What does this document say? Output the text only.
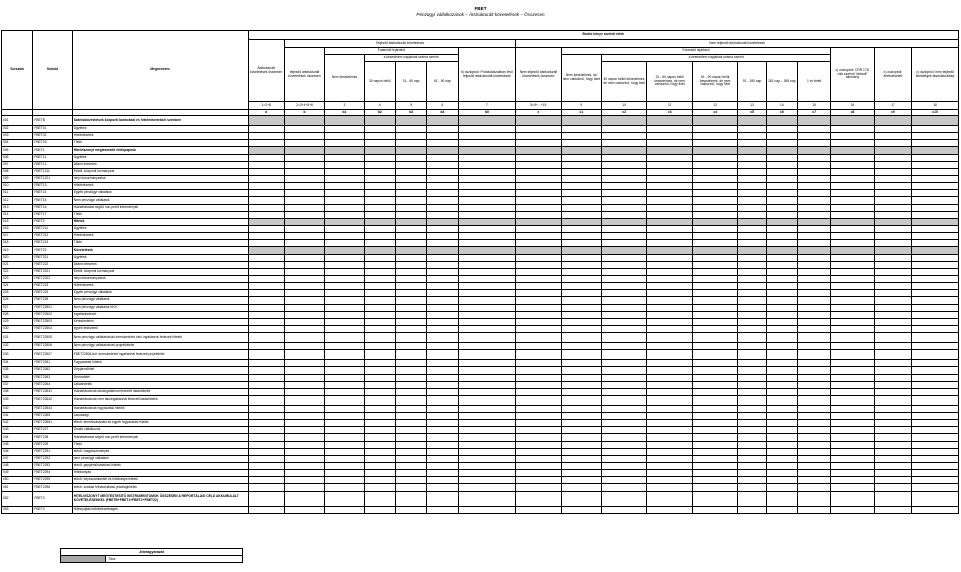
FBET
Pénzügyi vállalkozások – Átstrukturált követelések – Összesen
Sorszám	Sorkód	Megnevezés	Bruttó könyv szerinti érték																	
			Átstrukturált követelések összesen	Teljesítő átstrukturált követelések						Nem teljesítő átstrukturált követelések										
				teljesítő átstrukturált követelések összesen	Futamidő lejártáról				b) oszlopból: Próbaidőszakban lévő teljesítő átstrukturált követelések	Nem teljesítő átstrukturált követelések összesen	Futamidő lejártáról							c) oszlopból: CRR 178. cikk szerinti "default" állomány	c) oszlopból: értékvesztett	c) oszlopból: nem teljesítő kitettségek átstrukturálása
					Nem késedelmes	a késedelem napjainak száma szerint					Nem késedelmes, de nem valószínű, hogy fizet	a késedelem napjainak száma szerint								
						30 napon belül	31 - 60 nap	61 - 90 nap				30 napon belüli késedelmes, de nem valószínű, hogy fizet	31 - 60 napon belül késedelmes, de nem valószínű, hogy fizet	61 - 90 napon belül késedelmes, de nem valószínű, hogy fizet	91 - 180 nap	181 nap – 365 nap	1 év felett			
			1=2+8	2=3+4+5+6	3	4	5	6	7	8=9+...+15	9	10	11	12	13	14	15	16	17	18
			a	b	b1	b2	b3	b4	b5	c	c1	c2	c3	c4	c5	c6	c7	c8	c9	c10
001	FBETB	Számlakövetelések központi bankokkal és hitelintézetekkel szemben																		
002	FBET01	Ügyfelek																		
003	FBET02	Hitelintézetek																		
004	FBET03	Többi																		
005	FBET1	Hitelviszonyt megtestesítő értékpapírok																		
006	FBET11	Ügyfelek																		
007	FBET12	Állami intézetek																		
008	FBET1211	Ebből: központi kormányzat																		
009	FBET1221	helyi önkormányzatok																		
010	FBET13	Hitelintézetek																		
011	FBET14	Egyéb pénzügyi vállalatok																		
012	FBET15	Nem pénzügyi vállalatok																		
013	FBET16	Háztartásokat segítő non-profit intézmények																		
014	FBET17	Többi																		
015	FBET2	Hitelek																		
016	FBET211	Ügyfelek																		
017	FBET212	Hitelintézetek																		
018	FBET213	Többi																		
019	FBET22	Követelések																		
020	FBET221	Ügyfelek																		
021	FBET222	Állami intézetek																		
022	FBET2221	Ebből: központi kormányzat																		
023	FBET2222	helyi önkormányzatok																		
024	FBET223	Hitelintézetek																		
025	FBET224	Egyéb pénzügyi vállalatok																		
026	FBET225	Nem pénzügyi vállalatok																		
027	FBET22501	Nem pénzügyi vállalatok KKV																		
028	FBET22502	Ingatlanfedezet																		
029	FBET22503	Kereskedelmi																		
030	FBET22504	egyéb fedezetek																		
031	FBET22505	Nem pénzügyi vállalatoknak kereskedelmi célú ingatlannal fedezett hitelek																		
032	FBET22506	Nem pénzügyi vállalatoknak projekthitelei																		
033	FBET22507	FBET22506-ból: kereskedelmi ingatlannal fedezett projekthitel																		
034	FBET2261	Fogyasztási hitelek																		
035	FBET2262	Gépjárműhitel																		
036	FBET2263	Devizahitel																		
037	FBET2264	Lakáshitelek																		
038	FBET22641	Háztartásoknak lakóingatlannal fedezett lakáshitelek																		
039	FBET22642	Háztartásoknak nem lakóingatlannal fedezett lakáshitelek																		
040	FBET22643	Háztartásoknak fogyasztási hitelek																		
041	FBET2265	Lakossági																		
042	FBET22651	ebből: termékvásárlási és egyéb fogyasztási hitelek																		
043	FBET227	Önálló vállalkozók																		
044	FBET228	Háztartásokat segítő non-profit intézmények																		
045	FBET229	Többi																		
046	FBET2291	ebből: magánszemélyek																		
047	FBET2292	nem pénzügyi vállalatok																		
048	FBET2293	ebből: gépjárművásárlási hitelek																		
049	FBET2294	Hitelkártyák																		
050	FBET2295	ebből: folyószámlahitel és hitelkártya hitelek																		
051	FBET2296	ebből: szabad felhasználású jelzáloghitelek																		
052	FBET3	HITELVISZONYT MEGTESTESÍTŐ INSTRUMENTUMOK ÖSSZESEN A REPORTÁLÁSI CÉLÚ AKKUMULÁLT KÖVETELÉSEKKEL (FBETB+FBET1+FBET2+FBET22)																		
053	FBET4	Hitelnyújtási elkötelezettségek																		
Jelmagyarázat
	Tilos
